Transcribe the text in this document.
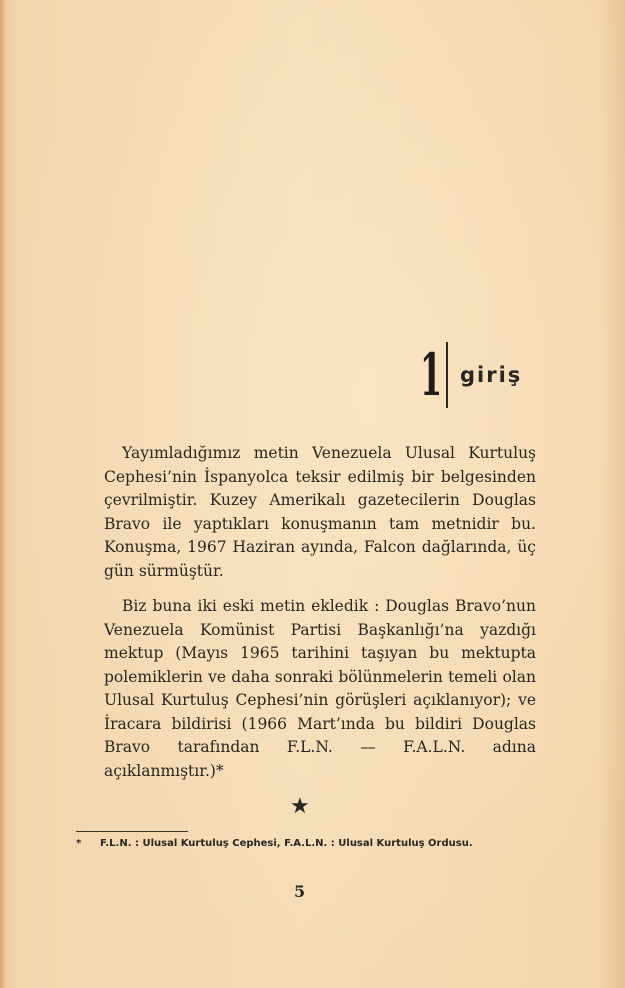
1 giriş

Yayımladığımız metin Venezuela Ulusal Kurtuluş Cephesi’nin İspanyolca teksir edilmiş bir belgesinden çevrilmiştir. Kuzey Amerikalı gazetecilerin Douglas Bravo ile yaptıkları konuşmanın tam metnidir bu. Konuşma, 1967 Haziran ayında, Falcon dağlarında, üç gün sürmüştür.

Biz buna iki eski metin ekledik : Douglas Bravo’nun Venezuela Komünist Partisi Başkanlığı’na yazdığı mektup (Mayıs 1965 tarihini taşıyan bu mektupta polemiklerin ve daha sonraki bölünmelerin temeli olan Ulusal Kurtuluş Cephesi’nin görüşleri açıklanıyor); ve İracara bildirisi (1966 Mart’ında bu bildiri Douglas Bravo tarafından F.L.N. — F.A.L.N. adına açıklanmıştır.)*

★
* F.L.N. : Ulusal Kurtuluş Cephesi, F.A.L.N. : Ulusal Kurtuluş Ordusu.
5
